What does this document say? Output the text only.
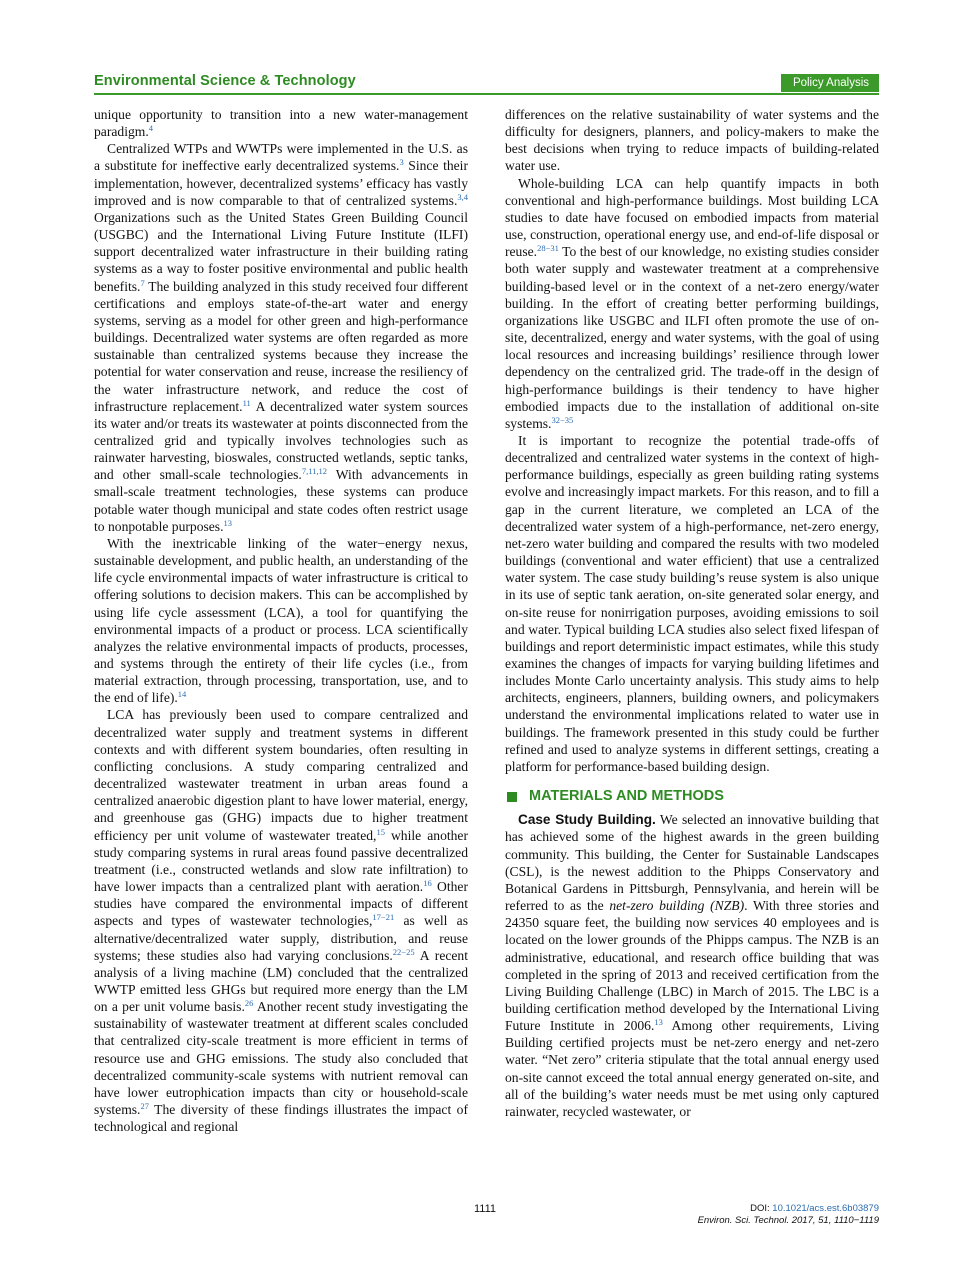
Environmental Science & Technology	Policy Analysis

unique opportunity to transition into a new water-management paradigm.$^4$

Centralized WTPs and WWTPs were implemented in the U.S. as a substitute for ineffective early decentralized systems.$^3$ Since their implementation, however, decentralized systems’ efficacy has vastly improved and is now comparable to that of centralized systems.$^{3,4}$ Organizations such as the United States Green Building Council (USGBC) and the International Living Future Institute (ILFI) support decentralized water infrastructure in their building rating systems as a way to foster positive environmental and public health benefits.$^7$ The building analyzed in this study received four different certifications and employs state-of-the-art water and energy systems, serving as a model for other green and high-performance buildings. Decentralized water systems are often regarded as more sustainable than centralized systems because they increase the potential for water conservation and reuse, increase the resiliency of the water infrastructure network, and reduce the cost of infrastructure replacement.$^{11}$ A decentralized water system sources its water and/or treats its wastewater at points disconnected from the centralized grid and typically involves technologies such as rainwater harvesting, bioswales, constructed wetlands, septic tanks, and other small-scale technologies.$^{7,11,12}$ With advancements in small-scale treatment technologies, these systems can produce potable water though municipal and state codes often restrict usage to nonpotable purposes.$^{13}$

With the inextricable linking of the water−energy nexus, sustainable development, and public health, an understanding of the life cycle environmental impacts of water infrastructure is critical to offering solutions to decision makers. This can be accomplished by using life cycle assessment (LCA), a tool for quantifying the environmental impacts of a product or process. LCA scientifically analyzes the relative environmental impacts of products, processes, and systems through the entirety of their life cycles (i.e., from material extraction, through processing, transportation, use, and to the end of life).$^{14}$

LCA has previously been used to compare centralized and decentralized water supply and treatment systems in different contexts and with different system boundaries, often resulting in conflicting conclusions. A study comparing centralized and decentralized wastewater treatment in urban areas found a centralized anaerobic digestion plant to have lower material, energy, and greenhouse gas (GHG) impacts due to higher treatment efficiency per unit volume of wastewater treated,$^{15}$ while another study comparing systems in rural areas found passive decentralized treatment (i.e., constructed wetlands and slow rate infiltration) to have lower impacts than a centralized plant with aeration.$^{16}$ Other studies have compared the environmental impacts of different aspects and types of wastewater technologies,$^{17-21}$ as well as alternative/decentralized water supply, distribution, and reuse systems; these studies also had varying conclusions.$^{22-25}$ A recent analysis of a living machine (LM) concluded that the centralized WWTP emitted less GHGs but required more energy than the LM on a per unit volume basis.$^{26}$ Another recent study investigating the sustainability of wastewater treatment at different scales concluded that centralized city-scale treatment is more efficient in terms of resource use and GHG emissions. The study also concluded that decentralized community-scale systems with nutrient removal can have lower eutrophication impacts than city or household-scale systems.$^{27}$ The diversity of these findings illustrates the impact of technological and regional

differences on the relative sustainability of water systems and the difficulty for designers, planners, and policy-makers to make the best decisions when trying to reduce impacts of building-related water use.

Whole-building LCA can help quantify impacts in both conventional and high-performance buildings. Most building LCA studies to date have focused on embodied impacts from material use, construction, operational energy use, and end-of-life disposal or reuse.$^{28-31}$ To the best of our knowledge, no existing studies consider both water supply and wastewater treatment at a comprehensive building-based level or in the context of a net-zero energy/water building. In the effort of creating better performing buildings, organizations like USGBC and ILFI often promote the use of on-site, decentralized, energy and water systems, with the goal of using local resources and increasing buildings’ resilience through lower dependency on the centralized grid. The trade-off in the design of high-performance buildings is their tendency to have higher embodied impacts due to the installation of additional on-site systems.$^{32-35}$

It is important to recognize the potential trade-offs of decentralized and centralized water systems in the context of high-performance buildings, especially as green building rating systems evolve and increasingly impact markets. For this reason, and to fill a gap in the current literature, we completed an LCA of the decentralized water system of a high-performance, net-zero energy, net-zero water building and compared the results with two modeled buildings (conventional and water efficient) that use a centralized water system. The case study building’s reuse system is also unique in its use of septic tank aeration, on-site generated solar energy, and on-site reuse for nonirrigation purposes, avoiding emissions to soil and water. Typical building LCA studies also select fixed lifespan of buildings and report deterministic impact estimates, while this study examines the changes of impacts for varying building lifetimes and includes Monte Carlo uncertainty analysis. This study aims to help architects, engineers, planners, building owners, and policymakers understand the environmental implications related to water use in buildings. The framework presented in this study could be further refined and used to analyze systems in different settings, creating a platform for performance-based building design.

MATERIALS AND METHODS

Case Study Building. We selected an innovative building that has achieved some of the highest awards in the green building community. This building, the Center for Sustainable Landscapes (CSL), is the newest addition to the Phipps Conservatory and Botanical Gardens in Pittsburgh, Pennsylvania, and herein will be referred to as the net-zero building (NZB). With three stories and 24350 square feet, the building now services 40 employees and is located on the lower grounds of the Phipps campus. The NZB is an administrative, educational, and research office building that was completed in the spring of 2013 and received certification from the Living Building Challenge (LBC) in March of 2015. The LBC is a building certification method developed by the International Living Future Institute in 2006.13 Among other requirements, Living Building certified projects must be net-zero energy and net-zero water. “Net zero” criteria stipulate that the total annual energy used on-site cannot exceed the total annual energy generated on-site, and all of the building’s water needs must be met using only captured rainwater, recycled wastewater, or

1111	DOI: 10.1021/acs.est.6b03879
Environ. Sci. Technol. 2017, 51, 1110−1119
